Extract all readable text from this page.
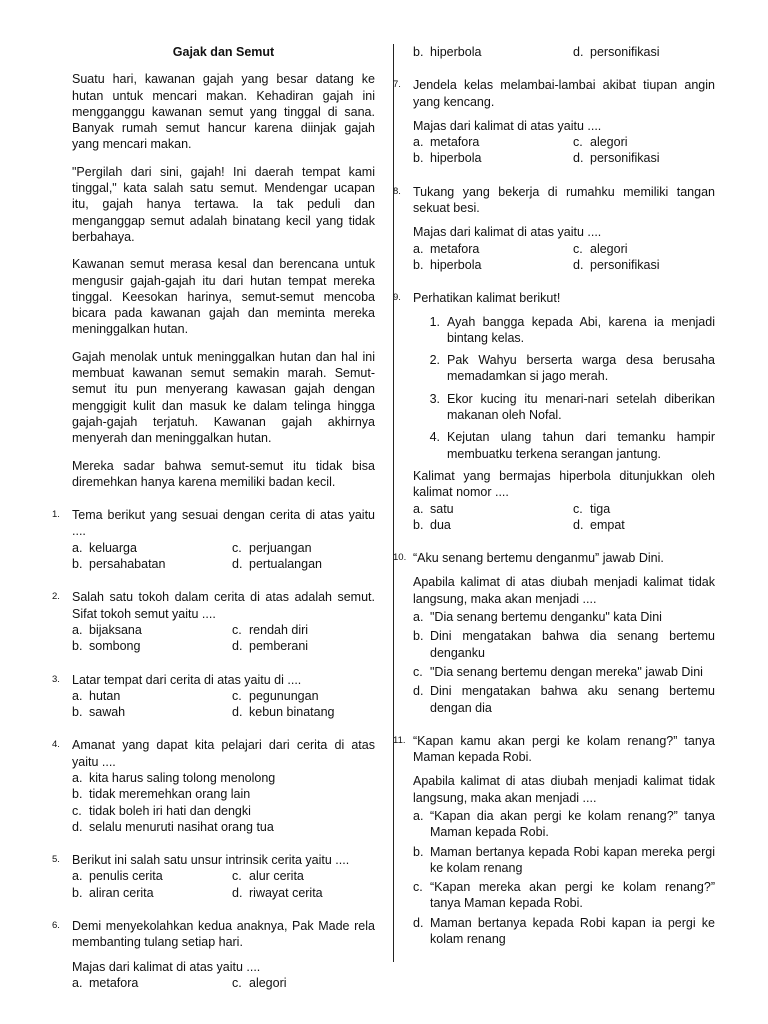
Gajak dan Semut
Suatu hari, kawanan gajah yang besar datang ke hutan untuk mencari makan. Kehadiran gajah ini mengganggu kawanan semut yang tinggal di sana. Banyak rumah semut hancur karena diinjak gajah yang mencari makan.
"Pergilah dari sini, gajah! Ini daerah tempat kami tinggal," kata salah satu semut. Mendengar ucapan itu, gajah hanya tertawa. Ia tak peduli dan menganggap semut adalah binatang kecil yang tidak berbahaya.
Kawanan semut merasa kesal dan berencana untuk mengusir gajah-gajah itu dari hutan tempat mereka tinggal. Keesokan harinya, semut-semut mencoba bicara pada kawanan gajah dan meminta mereka meninggalkan hutan.
Gajah menolak untuk meninggalkan hutan dan hal ini membuat kawanan semut semakin marah. Semut-semut itu pun menyerang kawasan gajah dengan menggigit kulit dan masuk ke dalam telinga hingga gajah-gajah terjatuh. Kawanan gajah akhirnya menyerah dan meninggalkan hutan.
Mereka sadar bahwa semut-semut itu tidak bisa diremehkan hanya karena memiliki badan kecil.
1. Tema berikut yang sesuai dengan cerita di atas yaitu ....
a. keluarga	c. perjuangan
b. persahabatan	d. pertualangan
2. Salah satu tokoh dalam cerita di atas adalah semut. Sifat tokoh semut yaitu ....
a. bijaksana	c. rendah diri
b. sombong	d. pemberani
3. Latar tempat dari cerita di atas yaitu di ....
a. hutan	c. pegunungan
b. sawah	d. kebun binatang
4. Amanat yang dapat kita pelajari dari cerita di atas yaitu ....
a. kita harus saling tolong menolong
b. tidak meremehkan orang lain
c. tidak boleh iri hati dan dengki
d. selalu menuruti nasihat orang tua
5. Berikut ini salah satu unsur intrinsik cerita yaitu ....
a. penulis cerita	c. alur cerita
b. aliran cerita	d. riwayat cerita
6. Demi menyekolahkan kedua anaknya, Pak Made rela membanting tulang setiap hari.
Majas dari kalimat di atas yaitu ....
a. metafora	c. alegori
b. hiperbola	d. personifikasi
7. Jendela kelas melambai-lambai akibat tiupan angin yang kencang.
Majas dari kalimat di atas yaitu ....
a. metafora	c. alegori
b. hiperbola	d. personifikasi
8. Tukang yang bekerja di rumahku memiliki tangan sekuat besi.
Majas dari kalimat di atas yaitu ....
a. metafora	c. alegori
b. hiperbola	d. personifikasi
9. Perhatikan kalimat berikut!
1. Ayah bangga kepada Abi, karena ia menjadi bintang kelas.
2. Pak Wahyu berserta warga desa berusaha memadamkan si jago merah.
3. Ekor kucing itu menari-nari setelah diberikan makanan oleh Nofal.
4. Kejutan ulang tahun dari temanku hampir membuatku terkena serangan jantung.
Kalimat yang bermajas hiperbola ditunjukkan oleh kalimat nomor ....
a. satu	c. tiga
b. dua	d. empat
10. “Aku senang bertemu denganmu” jawab Dini.
Apabila kalimat di atas diubah menjadi kalimat tidak langsung, maka akan menjadi ....
a. "Dia senang bertemu denganku" kata Dini
b. Dini mengatakan bahwa dia senang bertemu denganku
c. "Dia senang bertemu dengan mereka" jawab Dini
d. Dini mengatakan bahwa aku senang bertemu dengan dia
11. “Kapan kamu akan pergi ke kolam renang?” tanya Maman kepada Robi.
Apabila kalimat di atas diubah menjadi kalimat tidak langsung, maka akan menjadi ....
a. “Kapan dia akan pergi ke kolam renang?” tanya Maman kepada Robi.
b. Maman bertanya kepada Robi kapan mereka pergi ke kolam renang
c. “Kapan mereka akan pergi ke kolam renang?” tanya Maman kepada Robi.
d. Maman bertanya kepada Robi kapan ia pergi ke kolam renang
